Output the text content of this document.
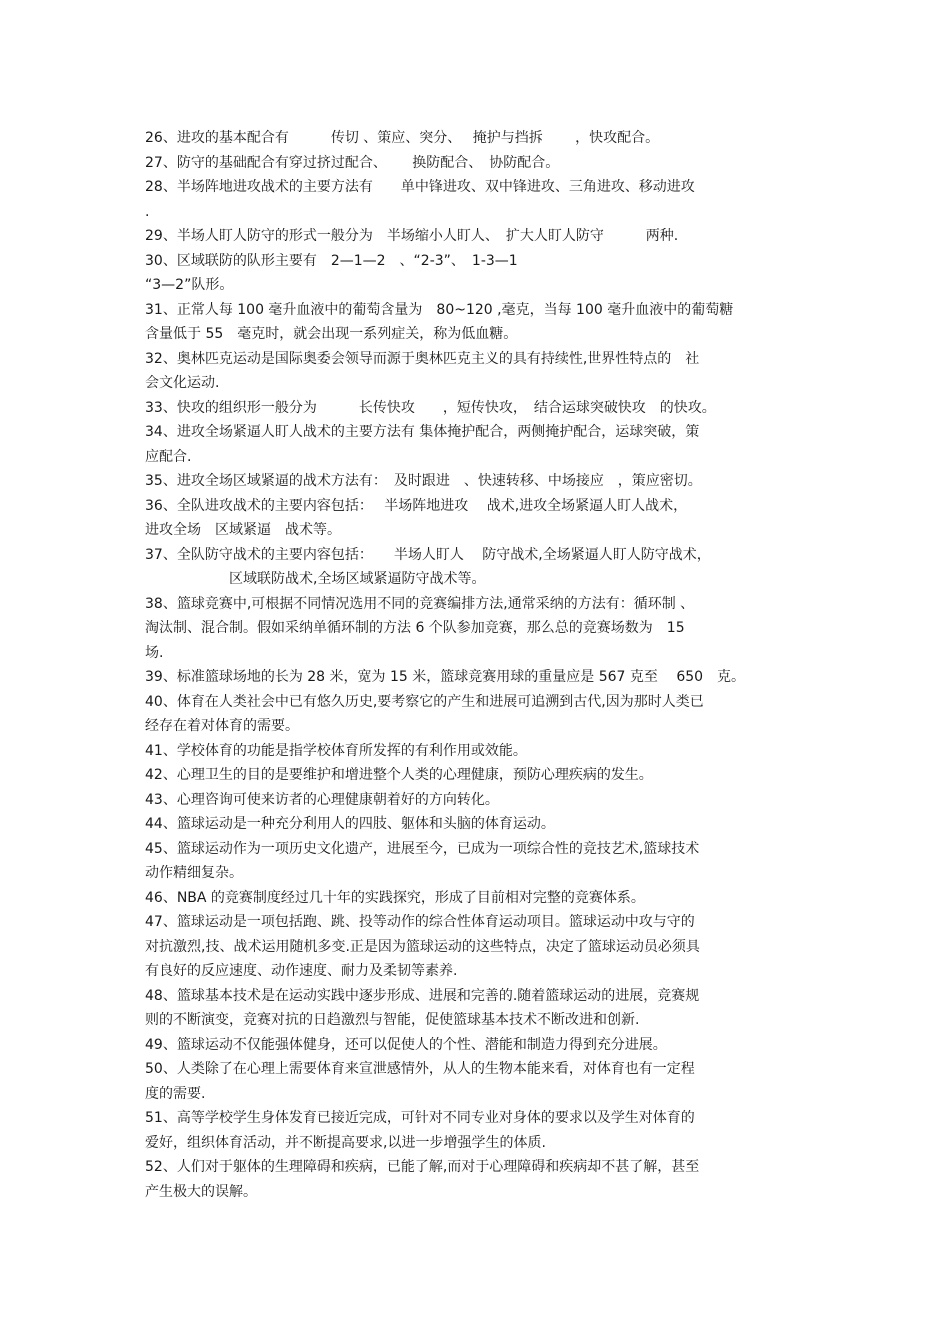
26、进攻的基本配合有　　　传切 、策应、突分、　 掩护与挡拆　　 ，快攻配合。
27、防守的基础配合有穿过挤过配合、　　 换防配合、　协防配合。
28、半场阵地进攻战术的主要方法有　　单中锋进攻、双中锋进攻、三角进攻、移动进攻
.
29、半场人盯人防守的形式一般分为　半场缩小人盯人、　扩大人盯人防守　　　两种.
30、区域联防的队形主要有　2—1—2　、“2-3”、　1-3—1
“3—2”队形。
31、正常人每 100 毫升血液中的葡萄含量为　80~120 ,毫克，当每 100 毫升血液中的葡萄糖
含量低于 55　毫克时，就会出现一系列症关，称为低血糖。
32、奥林匹克运动是国际奥委会领导而源于奥林匹克主义的具有持续性,世界性特点的　社
会文化运动.
33、快攻的组织形一般分为　　　长传快攻　　，短传快攻，　结合运球突破快攻　的快攻。
34、进攻全场紧逼人盯人战术的主要方法有 集体掩护配合，两侧掩护配合，运球突破，策
应配合.
35、进攻全场区域紧逼的战术方法有：　及时跟进　、快速转移、中场接应　，策应密切。
36、全队进攻战术的主要内容包括：　 半场阵地进攻　 战术,进攻全场紧逼人盯人战术，
进攻全场　区域紧逼　战术等。
37、全队防守战术的主要内容包括：　　半场人盯人　 防守战术,全场紧逼人盯人防守战术，
　　　　　　区域联防战术,全场区域紧逼防守战术等。
38、篮球竞赛中,可根据不同情况选用不同的竞赛编排方法,通常采纳的方法有：循环制 、
淘汰制、混合制。假如采纳单循环制的方法 6 个队参加竞赛，那么总的竞赛场数为　15
场.
39、标准篮球场地的长为 28 米，宽为 15 米，篮球竞赛用球的重量应是 567 克至　 650　克。
40、体育在人类社会中已有悠久历史,要考察它的产生和进展可追溯到古代,因为那时人类已
经存在着对体育的需要。
41、学校体育的功能是指学校体育所发挥的有利作用或效能。
42、心理卫生的目的是要维护和增进整个人类的心理健康，预防心理疾病的发生。
43、心理咨询可使来访者的心理健康朝着好的方向转化。
44、篮球运动是一种充分利用人的四肢、躯体和头脑的体育运动。
45、篮球运动作为一项历史文化遗产，进展至今，已成为一项综合性的竞技艺术,篮球技术
动作精细复杂。
46、NBA 的竞赛制度经过几十年的实践探究，形成了目前相对完整的竞赛体系。
47、篮球运动是一项包括跑、跳、投等动作的综合性体育运动项目。篮球运动中攻与守的
对抗激烈,技、战术运用随机多变.正是因为篮球运动的这些特点，决定了篮球运动员必须具
有良好的反应速度、动作速度、耐力及柔韧等素养.
48、篮球基本技术是在运动实践中逐步形成、进展和完善的.随着篮球运动的进展，竞赛规
则的不断演变，竞赛对抗的日趋激烈与智能，促使篮球基本技术不断改进和创新.
49、篮球运动不仅能强体健身，还可以促使人的个性、潜能和制造力得到充分进展。
50、人类除了在心理上需要体育来宣泄感情外，从人的生物本能来看，对体育也有一定程
度的需要.
51、高等学校学生身体发育已接近完成，可针对不同专业对身体的要求以及学生对体育的
爱好，组织体育活动，并不断提高要求,以进一步增强学生的体质.
52、人们对于躯体的生理障碍和疾病，已能了解,而对于心理障碍和疾病却不甚了解，甚至
产生极大的误解。
